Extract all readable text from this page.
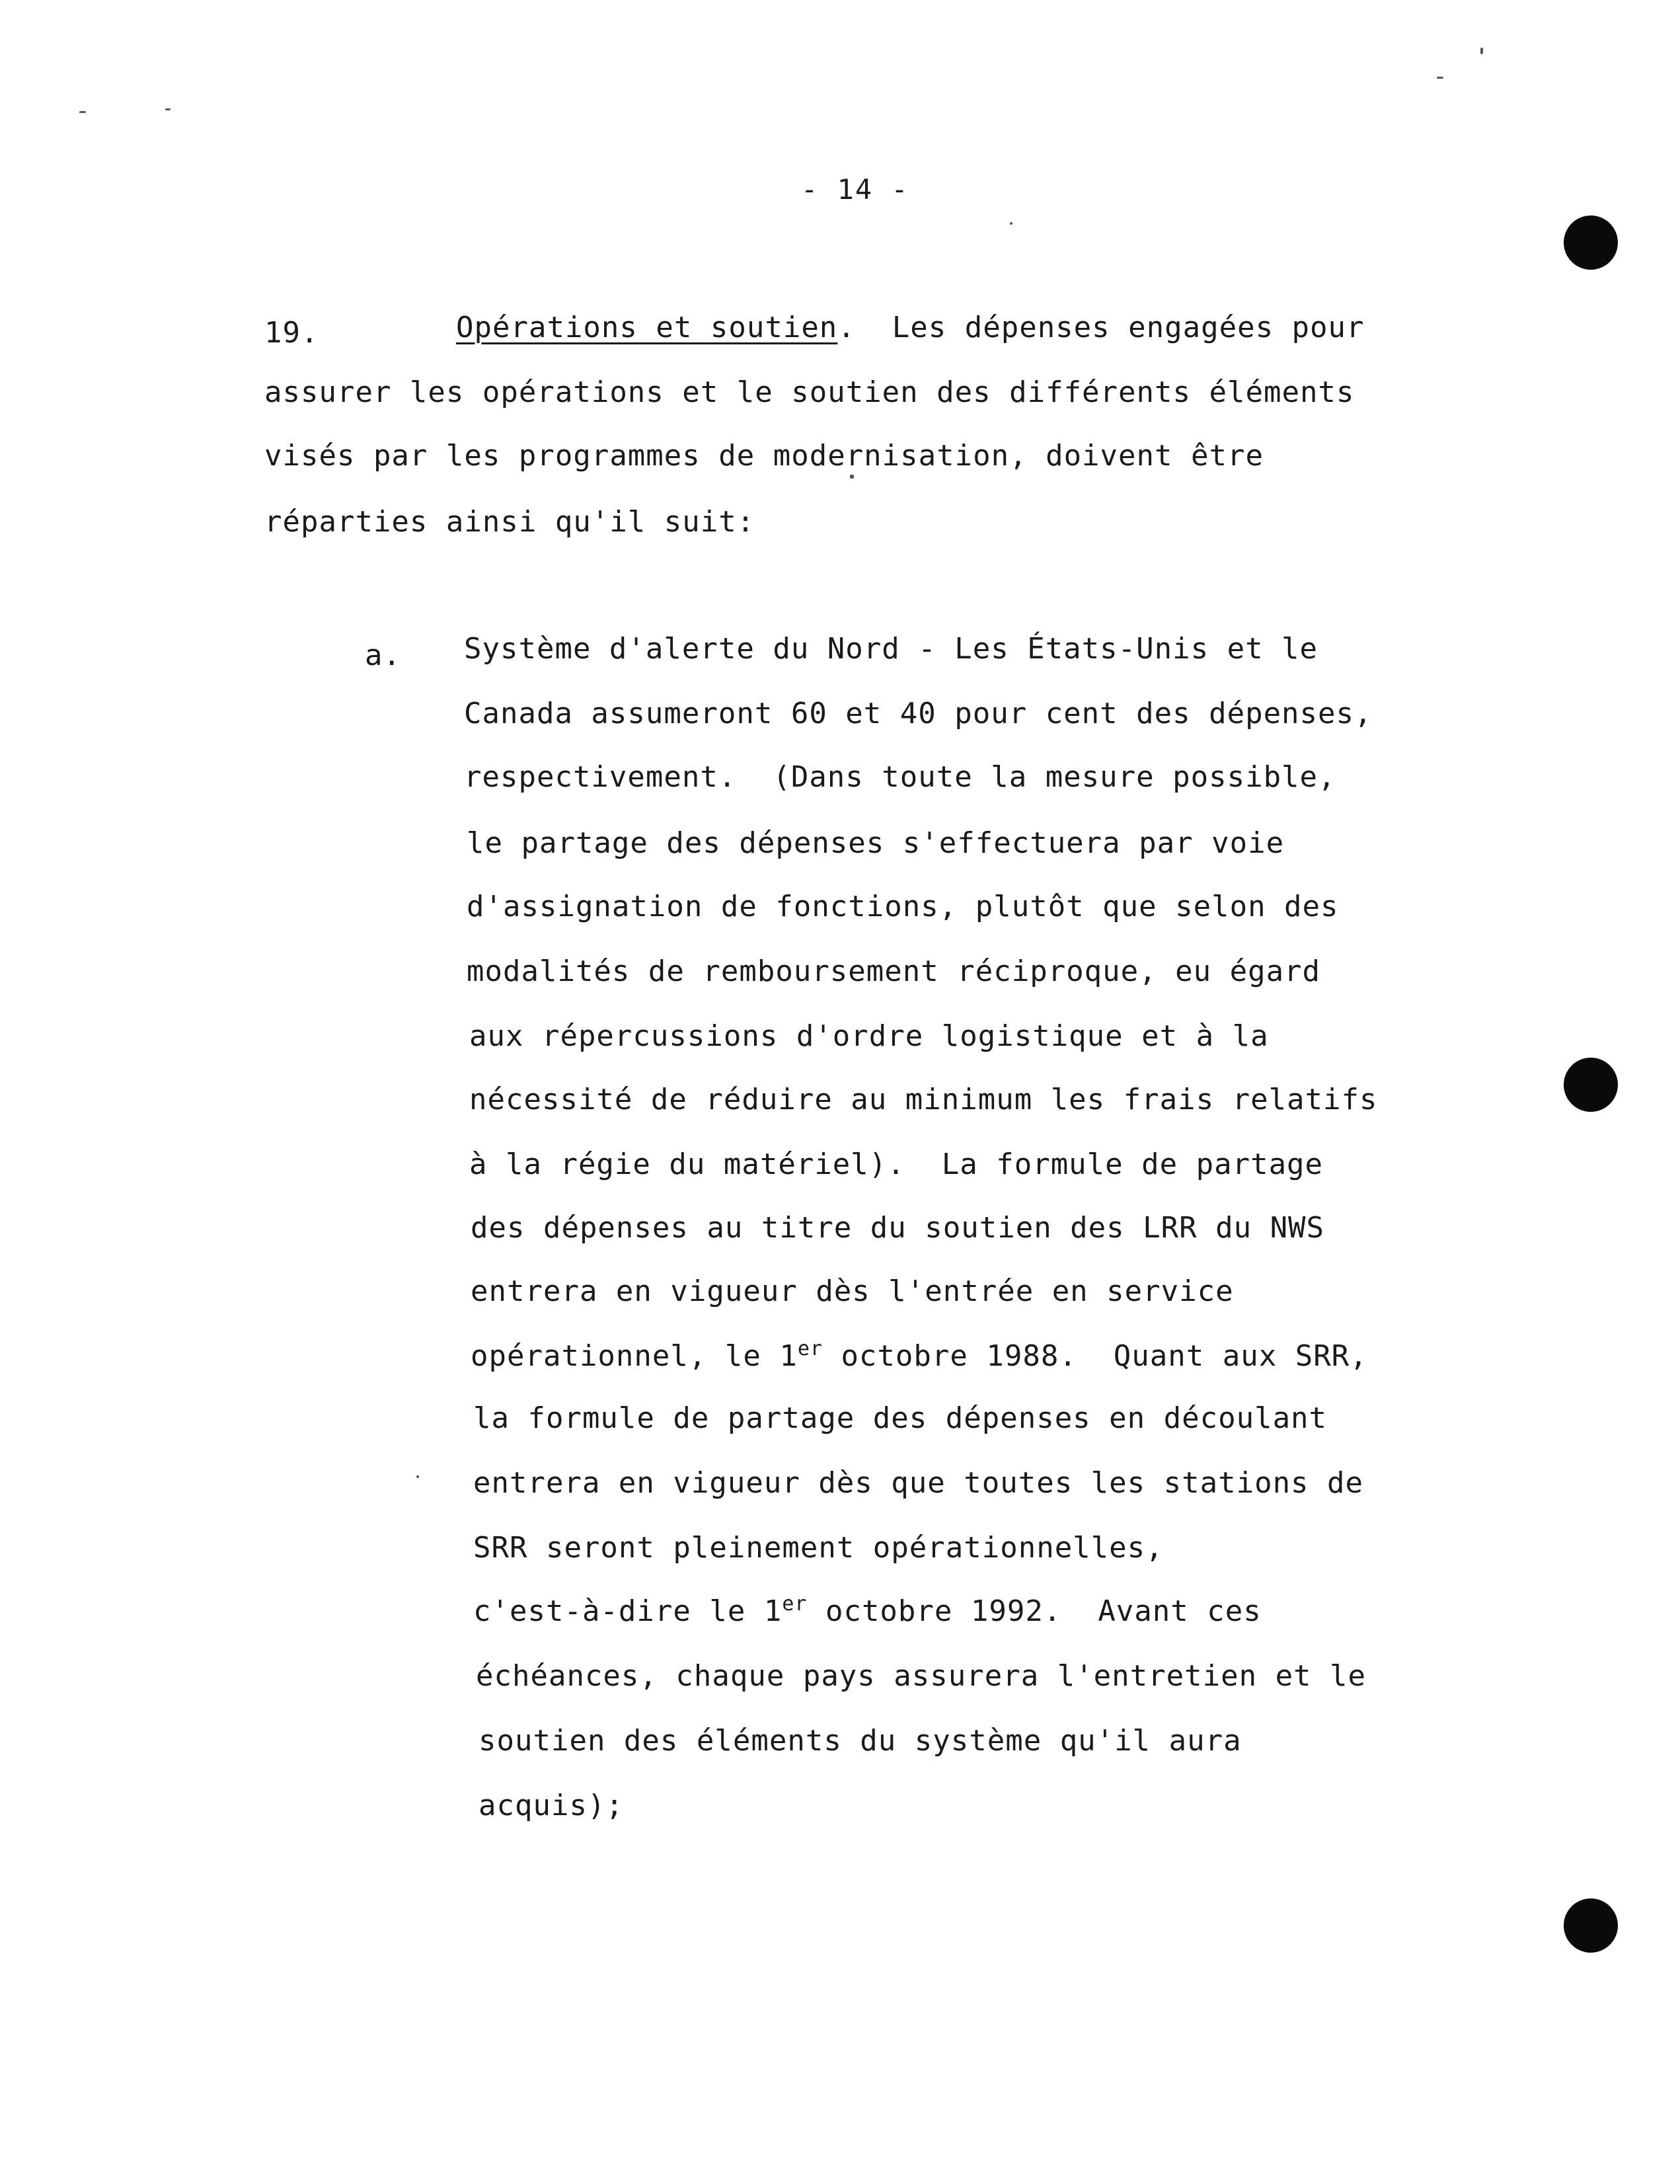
- 14 -
19.	Opérations et soutien.  Les dépenses engagées pour
assurer les opérations et le soutien des différents éléments
visés par les programmes de modernisation, doivent être
réparties ainsi qu'il suit:
a. Système d'alerte du Nord - Les États-Unis et le
Canada assumeront 60 et 40 pour cent des dépenses,
respectivement.  (Dans toute la mesure possible,
le partage des dépenses s'effectuera par voie
d'assignation de fonctions, plutôt que selon des
modalités de remboursement réciproque, eu égard
aux répercussions d'ordre logistique et à la
nécessité de réduire au minimum les frais relatifs
à la régie du matériel).  La formule de partage
des dépenses au titre du soutien des LRR du NWS
entrera en vigueur dès l'entrée en service
opérationnel, le 1er octobre 1988.  Quant aux SRR,
la formule de partage des dépenses en découlant
entrera en vigueur dès que toutes les stations de
SRR seront pleinement opérationnelles,
c'est-à-dire le 1er octobre 1992.  Avant ces
échéances, chaque pays assurera l'entretien et le
soutien des éléments du système qu'il aura
acquis);
